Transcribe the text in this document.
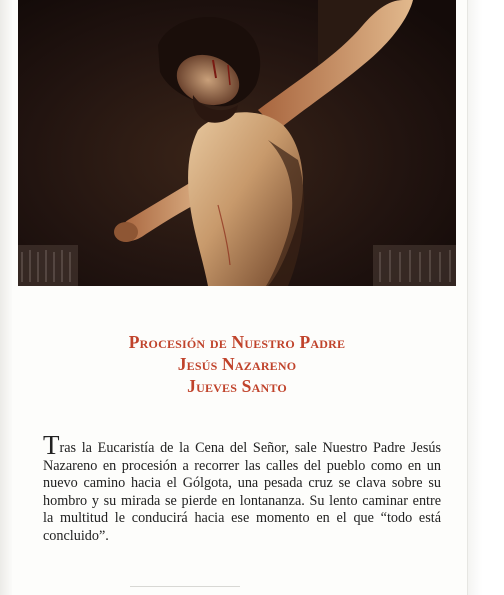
Procesión de Nuestro Padre
Jesús Nazareno
Jueves Santo
Tras la Eucaristía de la Cena del Señor, sale Nuestro Padre Jesús Nazareno en procesión a recorrer las calles del pueblo como en un nuevo camino hacia el Gólgota, una pesada cruz se clava sobre su hombro y su mirada se pierde en lontananza. Su lento caminar entre la multitud le conducirá hacia ese momento en el que “todo está concluido”.
